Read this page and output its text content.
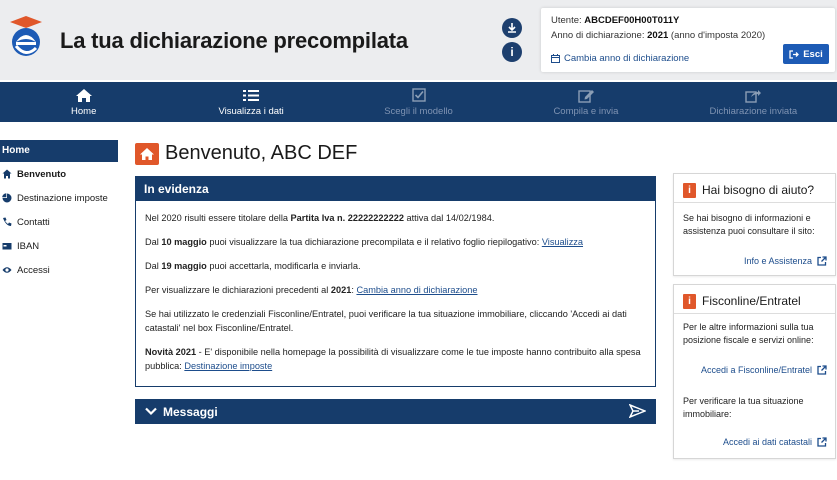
La tua dichiarazione precompilata	i
Utente: ABCDEF00H00T011Y
Anno di dichiarazione: 2021 (anno d'imposta 2020)
Cambia anno di dichiarazione	Esci
Home	Visualizza i dati	Scegli il modello	Compila e invia	Dichiarazione inviata
Home
Benvenuto
Destinazione imposte
Contatti
IBAN
Accessi
Benvenuto, ABC DEF
In evidenza
Nel 2020 risulti essere titolare della Partita Iva n. 22222222222 attiva dal 14/02/1984.
Dal 10 maggio puoi visualizzare la tua dichiarazione precompilata e il relativo foglio riepilogativo: Visualizza
Dal 19 maggio puoi accettarla, modificarla e inviarla.
Per visualizzare le dichiarazioni precedenti al 2021: Cambia anno di dichiarazione
Se hai utilizzato le credenziali Fisconline/Entratel, puoi verificare la tua situazione immobiliare, cliccando 'Accedi ai dati catastali' nel box Fisconline/Entratel.
Novità 2021 - E' disponibile nella homepage la possibilità di visualizzare come le tue imposte hanno contribuito alla spesa pubblica: Destinazione imposte
Messaggi
i Hai bisogno di aiuto?
Se hai bisogno di informazioni e assistenza puoi consultare il sito:
Info e Assistenza
i Fisconline/Entratel
Per le altre informazioni sulla tua posizione fiscale e servizi online:
Accedi a Fisconline/Entratel
Per verificare la tua situazione immobiliare:
Accedi ai dati catastali
